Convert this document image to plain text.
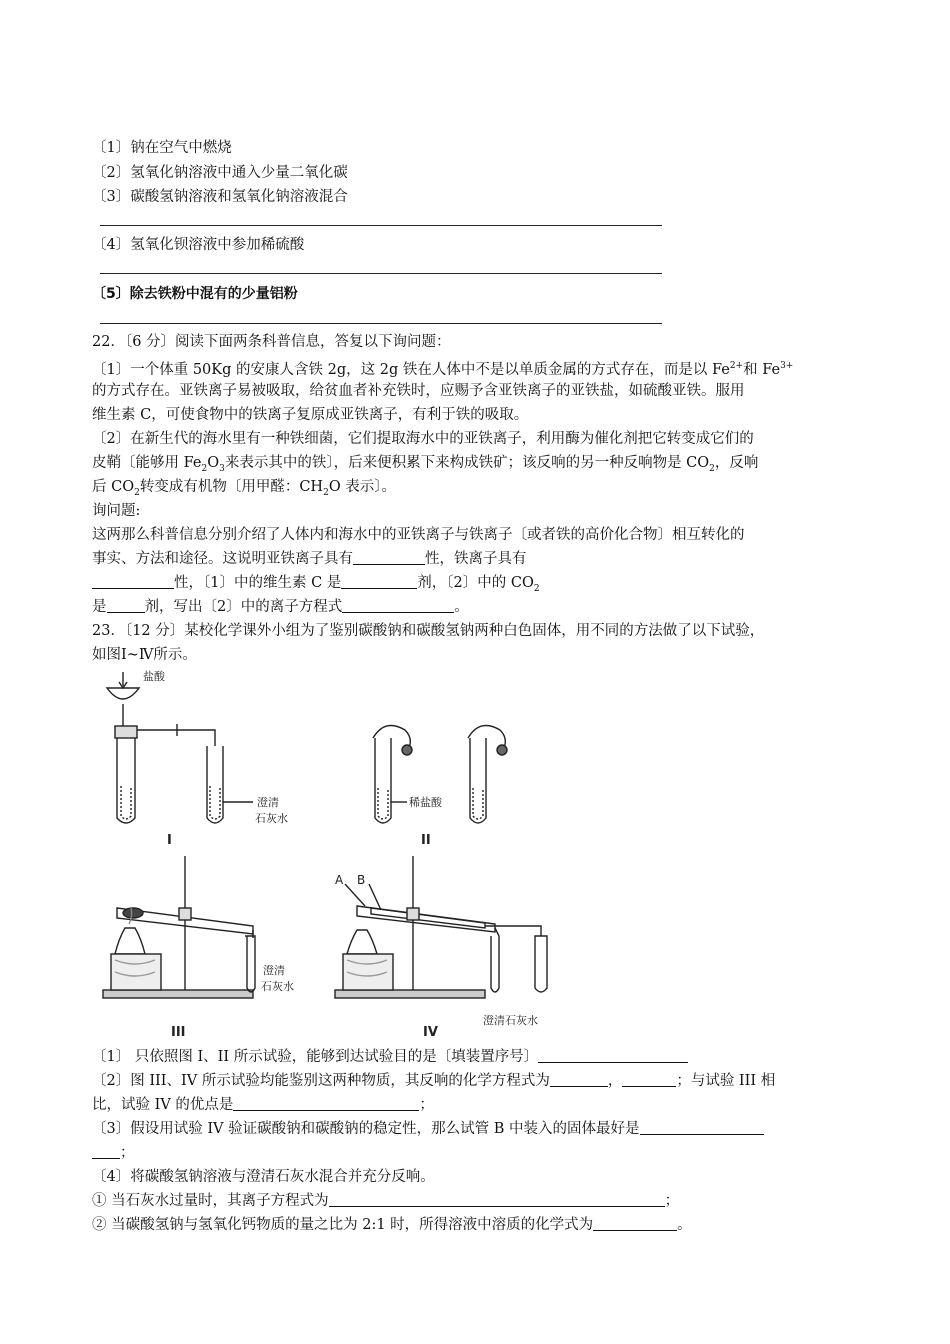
〔1〕钠在空气中燃烧
〔2〕氢氧化钠溶液中通入少量二氧化碳
〔3〕碳酸氢钠溶液和氢氧化钠溶液混合
〔4〕氢氧化钡溶液中参加稀硫酸
〔5〕除去铁粉中混有的少量铝粉
22．〔6 分〕阅读下面两条科普信息，答复以下询问题：
〔1〕一个体重 50Kg 的安康人含铁 2g，这 2g 铁在人体中不是以单质金属的方式存在，而是以 $Fe^{2+}$和 $Fe^{3+}$
的方式存在。亚铁离子易被吸取，给贫血者补充铁时，应赐予含亚铁离子的亚铁盐，如硫酸亚铁。服用
维生素 C，可使食物中的铁离子复原成亚铁离子，有利于铁的吸取。
〔2〕在新生代的海水里有一种铁细菌，它们提取海水中的亚铁离子，利用酶为催化剂把它转变成它们的
皮鞘〔能够用 $Fe_2O_3$来表示其中的铁〕，后来便积累下来构成铁矿；该反响的另一种反响物是 $CO_2$，反响
后 $CO_2$转变成有机物〔用甲醛：$CH_2O$ 表示〕。
询问题:
这两那么科普信息分别介绍了人体内和海水中的亚铁离子与铁离子〔或者铁的高价化合物〕相互转化的
事实、方法和途径。这说明亚铁离子具有	性，铁离子具有
性，〔1〕中的维生素 C 是	剂，〔2〕中的 $CO_2$
是	剂，写出〔2〕中的离子方程式	。
23．〔12 分〕某校化学课外小组为了鉴别碳酸钠和碳酸氢钠两种白色固体，用不同的方法做了以下试验，
如图Ⅰ~Ⅳ所示。
盐酸
澄清
石灰水
I
稀盐酸
II
澄清
石灰水
III
A B
澄清石灰水
IV
〔1〕 只依照图 I、II 所示试验，能够到达试验目的是〔填装置序号〕
〔2〕图 III、IV 所示试验均能鉴别这两种物质，其反响的化学方程式为	，	；与试验 III 相
比，试验 IV 的优点是	；
〔3〕假设用试验 IV 验证碳酸钠和碳酸钠的稳定性，那么试管 B 中装入的固体最好是
；
〔4〕将碳酸氢钠溶液与澄清石灰水混合并充分反响。
① 当石灰水过量时，其离子方程式为	；
② 当碳酸氢钠与氢氧化钙物质的量之比为 2:1 时，所得溶液中溶质的化学式为	。
